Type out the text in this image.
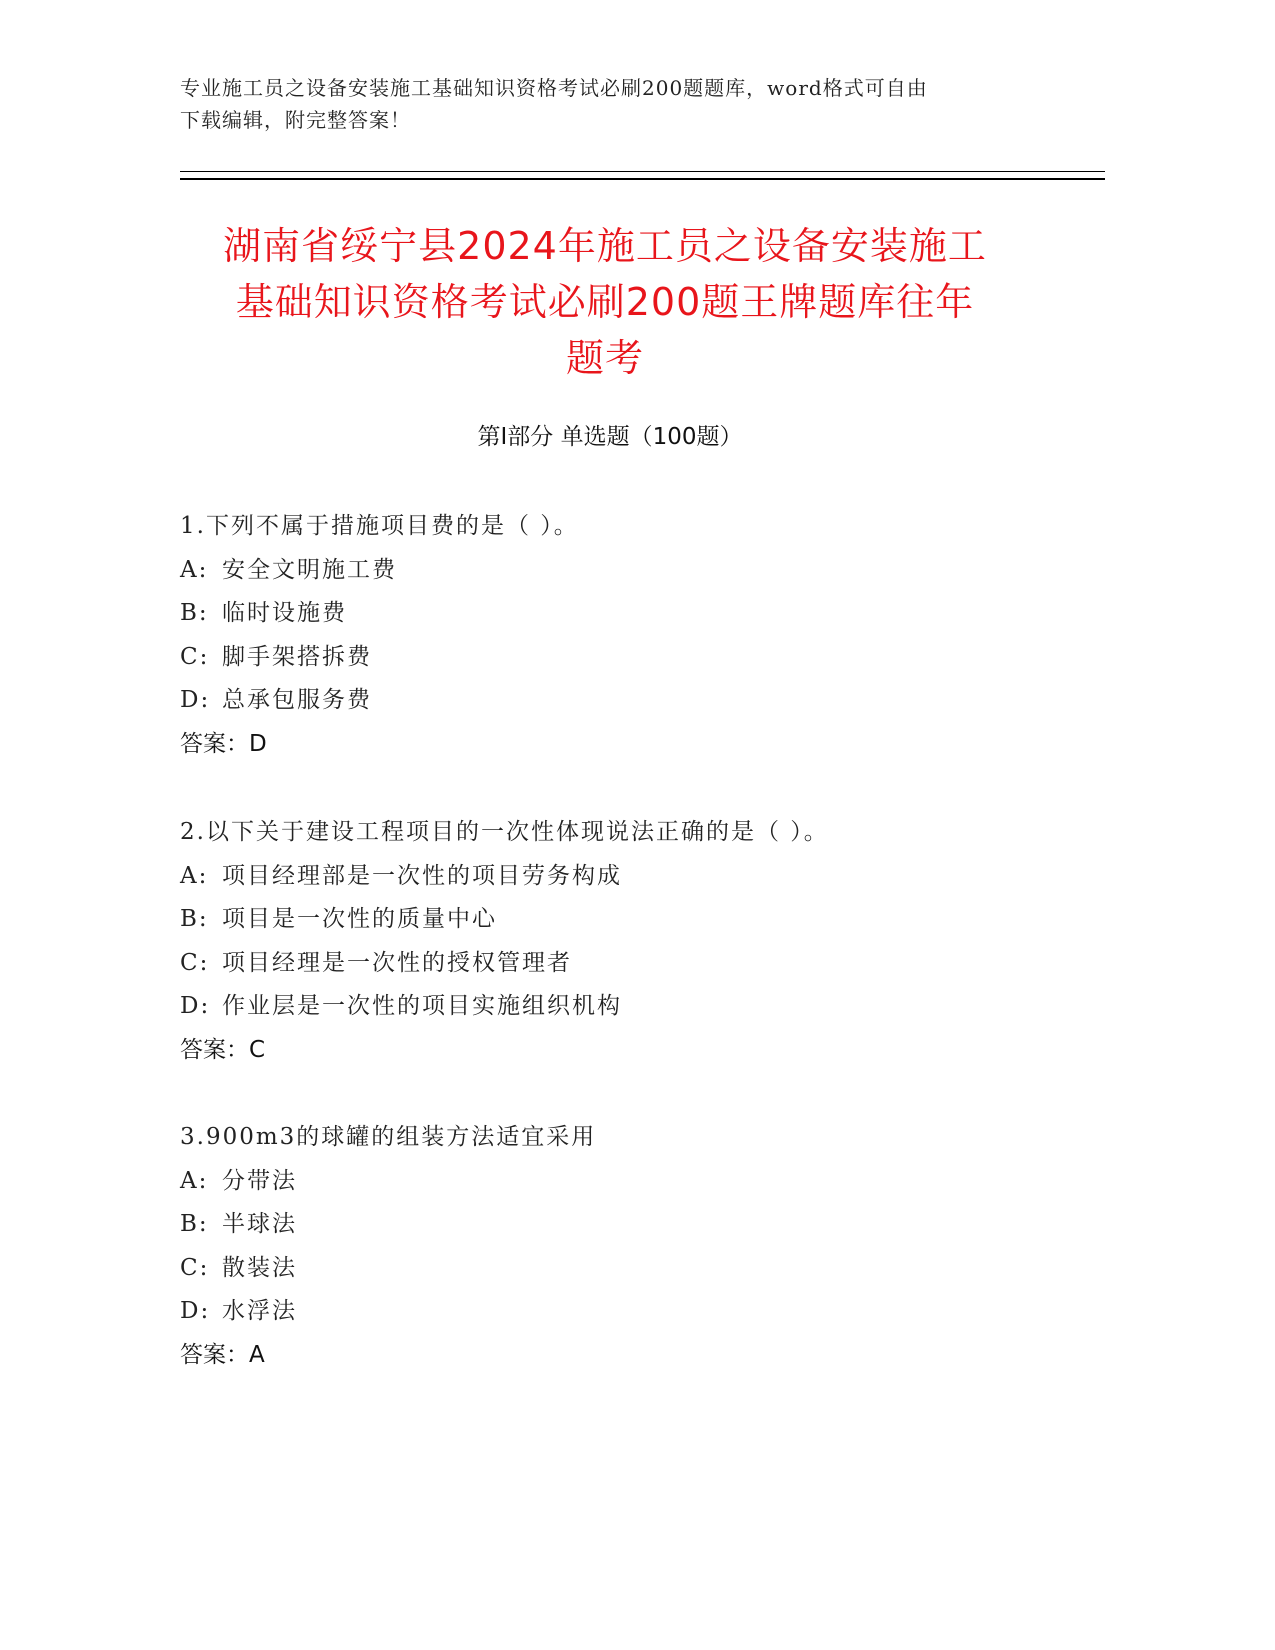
专业施工员之设备安装施工基础知识资格考试必刷200题题库，word格式可自由
下载编辑，附完整答案！
湖南省绥宁县2024年施工员之设备安装施工
基础知识资格考试必刷200题王牌题库往年
题考
第I部分 单选题（100题）
1.下列不属于措施项目费的是（ ）。
A: 安全文明施工费
B: 临时设施费
C: 脚手架搭拆费
D: 总承包服务费
答案：D
2.以下关于建设工程项目的一次性体现说法正确的是（ ）。
A: 项目经理部是一次性的项目劳务构成
B: 项目是一次性的质量中心
C: 项目经理是一次性的授权管理者
D: 作业层是一次性的项目实施组织机构
答案：C
3.900m3的球罐的组装方法适宜采用
A: 分带法
B: 半球法
C: 散装法
D: 水浮法
答案：A
